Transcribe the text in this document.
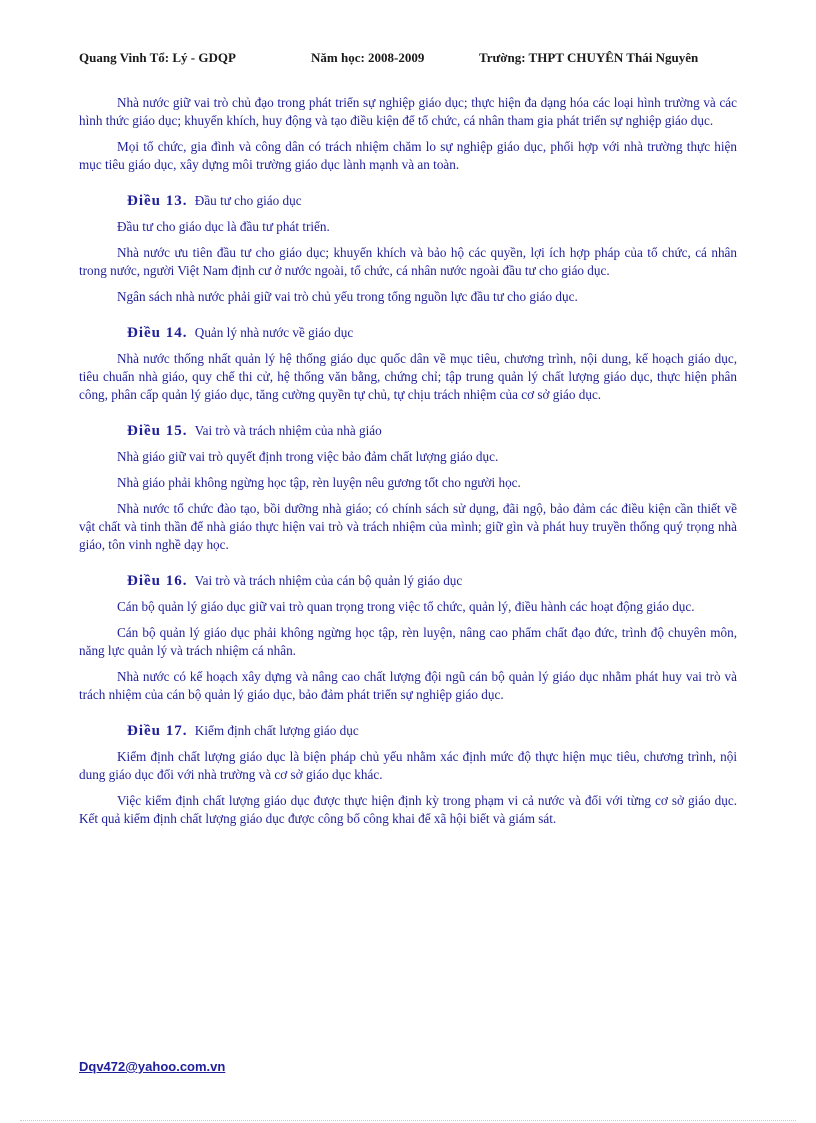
Quang Vinh Tổ: Lý - GDQP	Năm học: 2008-2009	Trường: THPT CHUYÊN Thái Nguyên

Nhà nước giữ vai trò chủ đạo trong phát triển sự nghiệp giáo dục; thực hiện đa dạng hóa các loại hình trường và các hình thức giáo dục; khuyến khích, huy động và tạo điều kiện để tổ chức, cá nhân tham gia phát triển sự nghiệp giáo dục.

Mọi tổ chức, gia đình và công dân có trách nhiệm chăm lo sự nghiệp giáo dục, phối hợp với nhà trường thực hiện mục tiêu giáo dục, xây dựng môi trường giáo dục lành mạnh và an toàn.

Điều 13. Đầu tư cho giáo dục

Đầu tư cho giáo dục là đầu tư phát triển.

Nhà nước ưu tiên đầu tư cho giáo dục; khuyến khích và bảo hộ các quyền, lợi ích hợp pháp của tổ chức, cá nhân trong nước, người Việt Nam định cư ở nước ngoài, tổ chức, cá nhân nước ngoài đầu tư cho giáo dục.

Ngân sách nhà nước phải giữ vai trò chủ yếu trong tổng nguồn lực đầu tư cho giáo dục.

Điều 14. Quản lý nhà nước về giáo dục

Nhà nước thống nhất quản lý hệ thống giáo dục quốc dân về mục tiêu, chương trình, nội dung, kế hoạch giáo dục, tiêu chuẩn nhà giáo, quy chế thi cử, hệ thống văn bằng, chứng chỉ; tập trung quản lý chất lượng giáo dục, thực hiện phân công, phân cấp quản lý giáo dục, tăng cường quyền tự chủ, tự chịu trách nhiệm của cơ sở giáo dục.

Điều 15. Vai trò và trách nhiệm của nhà giáo

Nhà giáo giữ vai trò quyết định trong việc bảo đảm chất lượng giáo dục.

Nhà giáo phải không ngừng học tập, rèn luyện nêu gương tốt cho người học.

Nhà nước tổ chức đào tạo, bồi dưỡng nhà giáo; có chính sách sử dụng, đãi ngộ, bảo đảm các điều kiện cần thiết về vật chất và tinh thần để nhà giáo thực hiện vai trò và trách nhiệm của mình; giữ gìn và phát huy truyền thống quý trọng nhà giáo, tôn vinh nghề dạy học.

Điều 16. Vai trò và trách nhiệm của cán bộ quản lý giáo dục

Cán bộ quản lý giáo dục giữ vai trò quan trọng trong việc tổ chức, quản lý, điều hành các hoạt động giáo dục.

Cán bộ quản lý giáo dục phải không ngừng học tập, rèn luyện, nâng cao phẩm chất đạo đức, trình độ chuyên môn, năng lực quản lý và trách nhiệm cá nhân.

Nhà nước có kế hoạch xây dựng và nâng cao chất lượng đội ngũ cán bộ quản lý giáo dục nhằm phát huy vai trò và trách nhiệm của cán bộ quản lý giáo dục, bảo đảm phát triển sự nghiệp giáo dục.

Điều 17. Kiểm định chất lượng giáo dục

Kiểm định chất lượng giáo dục là biện pháp chủ yếu nhằm xác định mức độ thực hiện mục tiêu, chương trình, nội dung giáo dục đối với nhà trường và cơ sở giáo dục khác.

Việc kiểm định chất lượng giáo dục được thực hiện định kỳ trong phạm vi cả nước và đối với từng cơ sở giáo dục. Kết quả kiểm định chất lượng giáo dục được công bố công khai để xã hội biết và giám sát.

Dqv472@yahoo.com.vn
